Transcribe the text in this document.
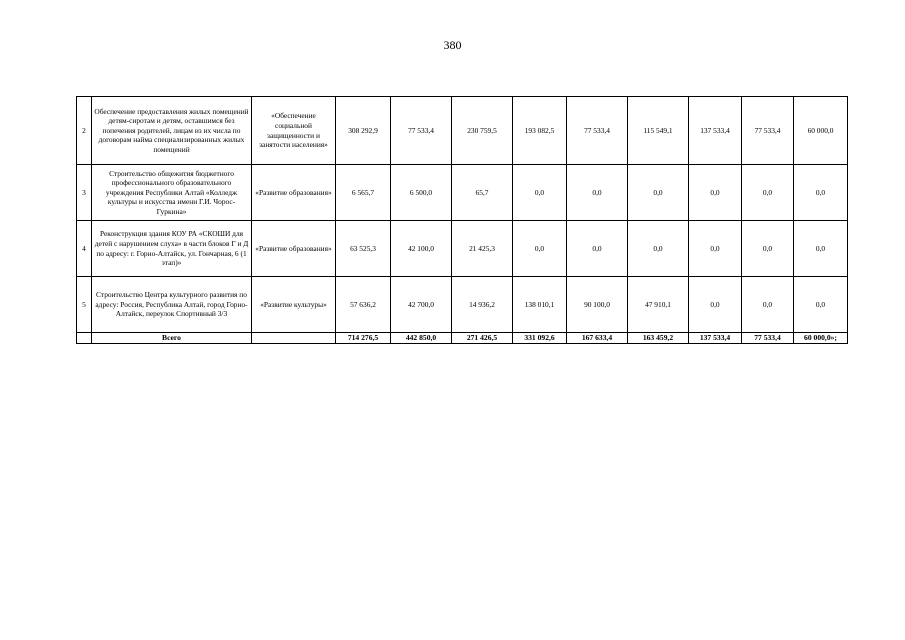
380
2	Обеспечение предоставления жилых помещений детям-сиротам и детям, оставшимся без попечения родителей, лицам из их числа по договорам найма специализированных жилых помещений	«Обеспечение социальной защищенности и занятости населения»	308 292,9	77 533,4	230 759,5	193 082,5	77 533,4	115 549,1	137 533,4	77 533,4	60 000,0
3	Строительство общежития бюджетного профессионального образовательного учреждения Республики Алтай «Колледж культуры и искусства имени Г.И. Чорос-Гуркина»	«Развитие образования»	6 565,7	6 500,0	65,7	0,0	0,0	0,0	0,0	0,0	0,0
4	Реконструкция здания КОУ РА «СКОШИ для детей с нарушением слуха» в части блоков Г и Д по адресу: г. Горно-Алтайск, ул. Гончарная, 6 (1 этап)»	«Развитие образования»	63 525,3	42 100,0	21 425,3	0,0	0,0	0,0	0,0	0,0	0,0
5	Строительство Центра культурного развития по адресу: Россия, Республика Алтай, город Горно-Алтайск, переулок Спортивный 3/3	«Развитие культуры»	57 636,2	42 700,0	14 936,2	138 010,1	90 100,0	47 910,1	0,0	0,0	0,0
	Всего		714 276,5	442 850,0	271 426,5	331 092,6	167 633,4	163 459,2	137 533,4	77 533,4	60 000,0»;
